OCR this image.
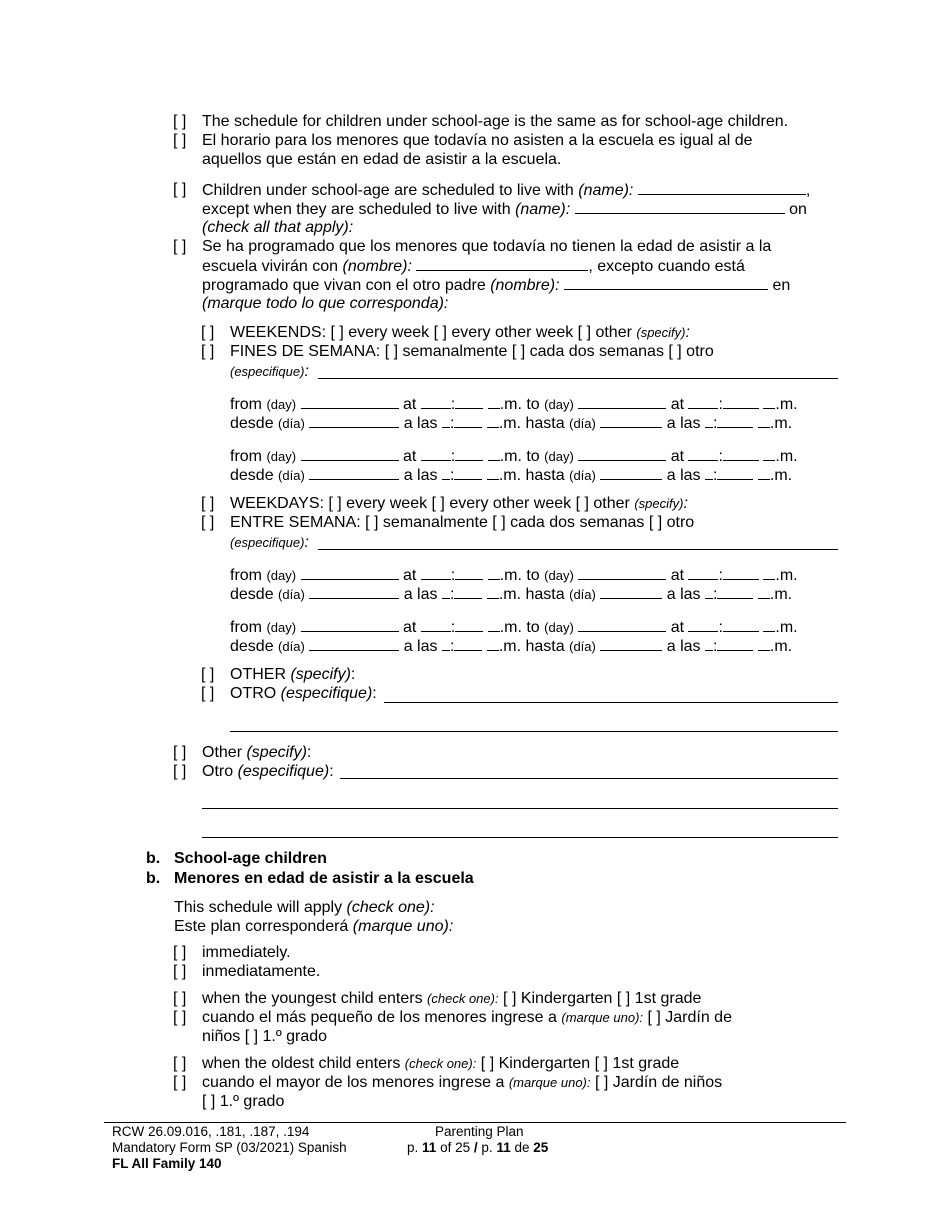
[ ] The schedule for children under school-age is the same as for school-age children.
[ ] El horario para los menores que todavía no asisten a la escuela es igual al de
aquellos que están en edad de asistir a la escuela.
[ ] Children under school-age are scheduled to live with (name):	,
except when they are scheduled to live with (name):	on
(check all that apply):
[ ] Se ha programado que los menores que todavía no tienen la edad de asistir a la
escuela vivirán con (nombre):	, excepto cuando está
programado que vivan con el otro padre (nombre):	en
(marque todo lo que corresponda):
[ ] WEEKENDS: [ ] every week [ ] every other week [ ] other (specify):
[ ] FINES DE SEMANA: [ ] semanalmente [ ] cada dos semanas [ ] otro
(especifique):
from (day)	at :	.m. to (day)	at :	.m.
desde (día)	a las :	.m. hasta (día)	a las :	.m.
from (day)	at :	.m. to (day)	at :	.m.
desde (día)	a las :	.m. hasta (día)	a las :	.m.
[ ] WEEKDAYS: [ ] every week [ ] every other week [ ] other (specify):
[ ] ENTRE SEMANA: [ ] semanalmente [ ] cada dos semanas [ ] otro
(especifique):
from (day)	at :	.m. to (day)	at :	.m.
desde (día)	a las :	.m. hasta (día)	a las :	.m.
from (day)	at :	.m. to (day)	at :	.m.
desde (día)	a las :	.m. hasta (día)	a las :	.m.
[ ] OTHER (specify):
[ ] OTRO (especifique):
[ ] Other (specify):
[ ] Otro (especifique):
b. School-age children
b. Menores en edad de asistir a la escuela
This schedule will apply (check one):
Este plan corresponderá (marque uno):
[ ] immediately.
[ ] inmediatamente.
[ ] when the youngest child enters (check one): [ ] Kindergarten [ ] 1st grade
[ ] cuando el más pequeño de los menores ingrese a (marque uno): [ ] Jardín de
niños [ ] 1.º grado
[ ] when the oldest child enters (check one): [ ] Kindergarten [ ] 1st grade
[ ] cuando el mayor de los menores ingrese a (marque uno): [ ] Jardín de niños
[ ] 1.º grado
RCW 26.09.016, .181, .187, .194
Mandatory Form SP (03/2021) Spanish
FL All Family 140
Parenting Plan
p. 11 of 25 / p. 11 de 25
